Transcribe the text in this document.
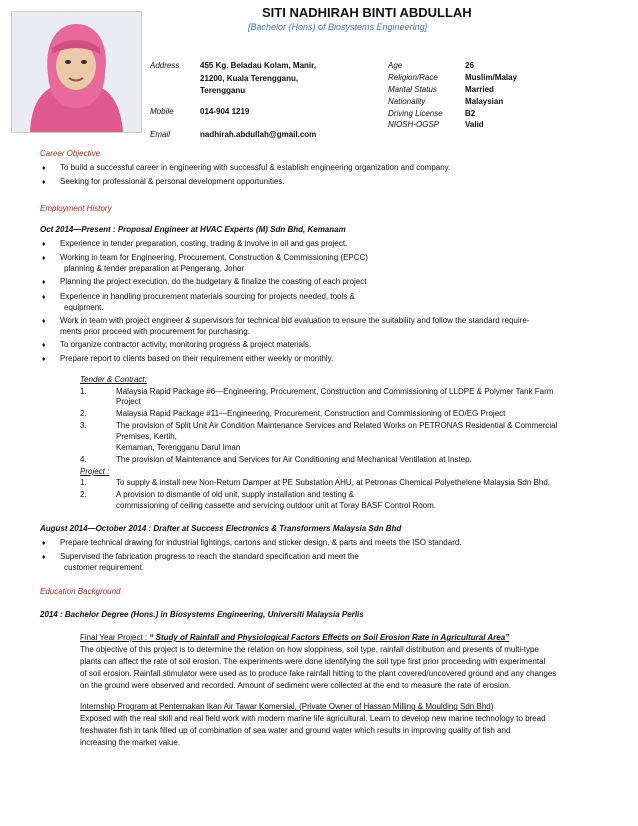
SITI NADHIRAH BINTI ABDULLAH
[Bachelor (Hons) of Biosystems Engineering]
Address	455 Kg. Beladau Kolam, Manir,
21200, Kuala Terengganu,
Terengganu
Mobile	014-904 1219
Email	nadhirah.abdullah@gmail.com
Age	26
Religion/Race	Muslim/Malay
Marital Status	Married
Nationality	Malaysian
Driving License	B2
NIOSH-OGSP	Valid
Career Objective
♦ To build a successful career in engineering with successful & establish engineering organization and company.
♦ Seeking for professional & personal development opportunities.
Employment History
Oct 2014—Present : Proposal Engineer at HVAC Experts (M) Sdn Bhd, Kemanam
♦ Experience in tender preparation, costing, trading & involve in oil and gas project.
♦ Working in team for Engineering, Procurement, Construction & Commissioning (EPCC)
planning & tender preparation at Pengerang, Johor
♦ Planning the project execution, do the budgetary & finalize the coasting of each project
♦ Experience in handling procurement materials sourcing for projects needed, tools &
equipment.
♦ Work in team with project engineer & supervisors for technical bid evaluation to ensure the suitability and follow the standard require-
ments prior proceed with procurement for purchasing.
♦ To organize contractor activity, monitoring progress & project materials.
♦ Prepare report to clients based on their requirement either weekly or monthly.
Tender & Contract:
1.	Malaysia Rapid Package #6—Engineering, Procurement, Construction and Commissioning of LLDPE & Polymer Tank Farm
Project
2.	Malaysia Rapid Package #11—Engineering, Procurement, Construction and Commissioning of EO/EG Project
3.	The provision of Split Unit Air Condition Maintenance Services and Related Works on PETRONAS Residential & Commercial
Premises, Kertih,
Kemaman, Terengganu Darul Iman
4.	The provision of Maintenance and Services for Air Conditioning and Mechanical Ventilation at Instep.
Project :
1.	To supply & install new Non-Return Damper at PE Substation AHU, at Petronas Chemical Polyethelene Malaysia Sdn Bhd.
2.	A provision to dismantle of old unit, supply installation and testing &
commissioning of ceiling cassette and servicing outdoor unit at Toray BASF Control Room.
August 2014—October 2014 : Drafter at Success Electronics & Transformers Malaysia Sdn Bhd
♦ Prepare technical drawing for industrial lightings, cartons and sticker design, & parts and meets the ISO standard.
♦ Supervised the fabrication progress to reach the standard specification and meet the
customer requirement.
Education Background
2014 : Bachelor Degree (Hons.) in Biosystems Engineering, Universiti Malaysia Perlis
Final Year Project : “ Study of Rainfall and Physiological Factors Effects on Soil Erosion Rate in Agricultural Area”
The objective of this project is to determine the relation on how sloppiness, soil type, rainfall distribution and presents of multi-type
plants can affect the rate of soil erosion. The experiments were done identifying the soil type first prior proceeding with experimental
of soil erosion. Rainfall stimulator were used as to produce fake rainfall hitting to the plant covered/uncovered ground and any changes
on the ground were observed and recorded. Amount of sediment were collected at the end to measure the rate of erosion.
Internship Program at Penternakan Ikan Air Tawar Komersial, (Private Owner of Hassan Milling & Moulding Sdn Bhd)
Exposed with the real skill and real field work with modern marine life agricultural. Learn to develop new marine technology to bread
freshwater fish in tank filled up of combination of sea water and ground water which results in improving quality of fish and
increasing the market value.
